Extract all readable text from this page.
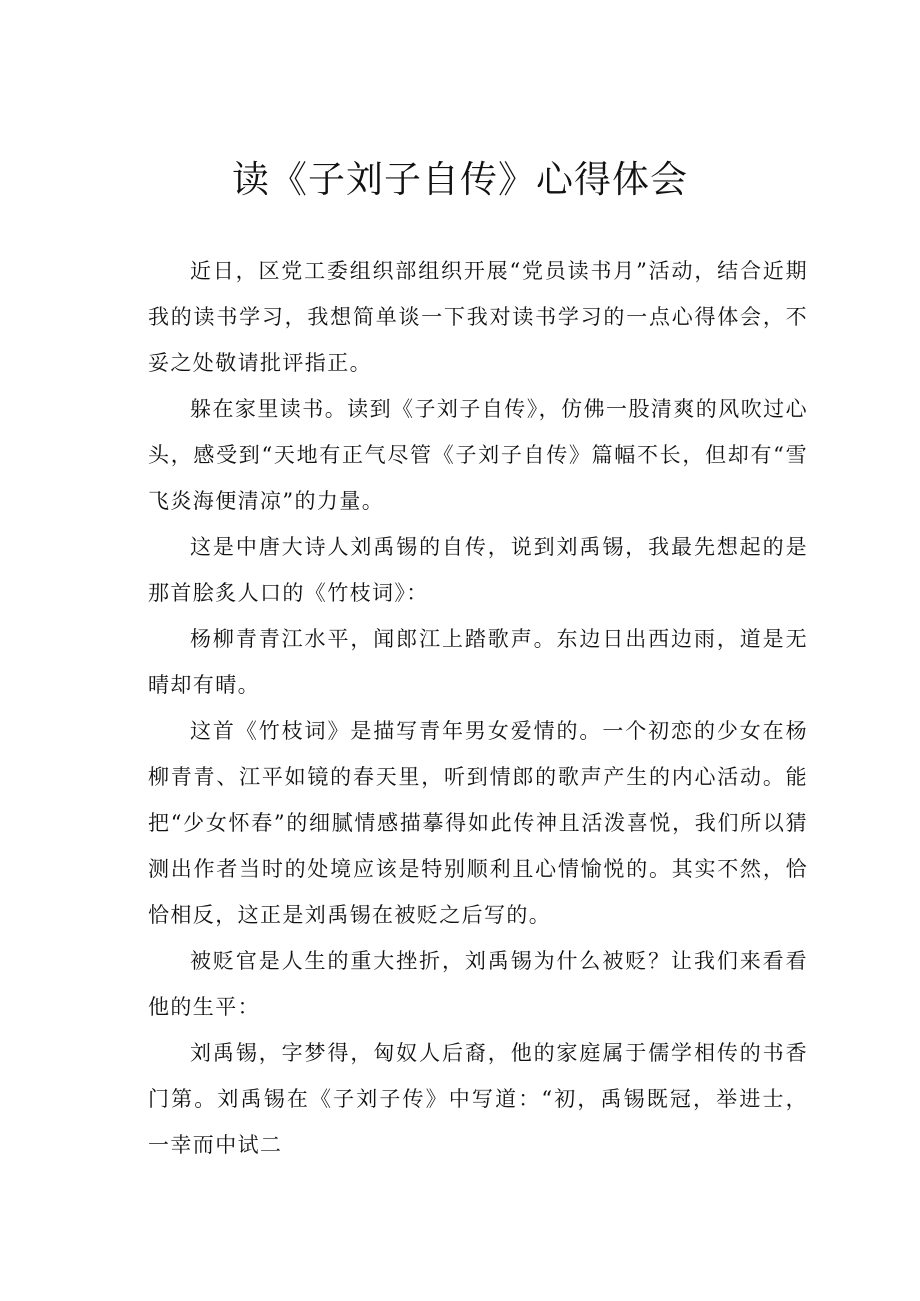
读《子刘子自传》心得体会

近日，区党工委组织部组织开展“党员读书月”活动，结合近期我的读书学习，我想简单谈一下我对读书学习的一点心得体会，不妥之处敬请批评指正。

躲在家里读书。读到《子刘子自传》，仿佛一股清爽的风吹过心头，感受到“天地有正气尽管《子刘子自传》篇幅不长，但却有“雪飞炎海便清凉”的力量。

这是中唐大诗人刘禹锡的自传，说到刘禹锡，我最先想起的是那首脍炙人口的《竹枝词》：

杨柳青青江水平，闻郎江上踏歌声。东边日出西边雨，道是无晴却有晴。

这首《竹枝词》是描写青年男女爱情的。一个初恋的少女在杨柳青青、江平如镜的春天里，听到情郎的歌声产生的内心活动。能把“少女怀春”的细腻情感描摹得如此传神且活泼喜悦，我们所以猜测出作者当时的处境应该是特别顺利且心情愉悦的。其实不然，恰恰相反，这正是刘禹锡在被贬之后写的。

被贬官是人生的重大挫折，刘禹锡为什么被贬？让我们来看看他的生平：

刘禹锡，字梦得，匈奴人后裔，他的家庭属于儒学相传的书香门第。刘禹锡在《子刘子传》中写道：“初，禹锡既冠，举进士，一幸而中试二
